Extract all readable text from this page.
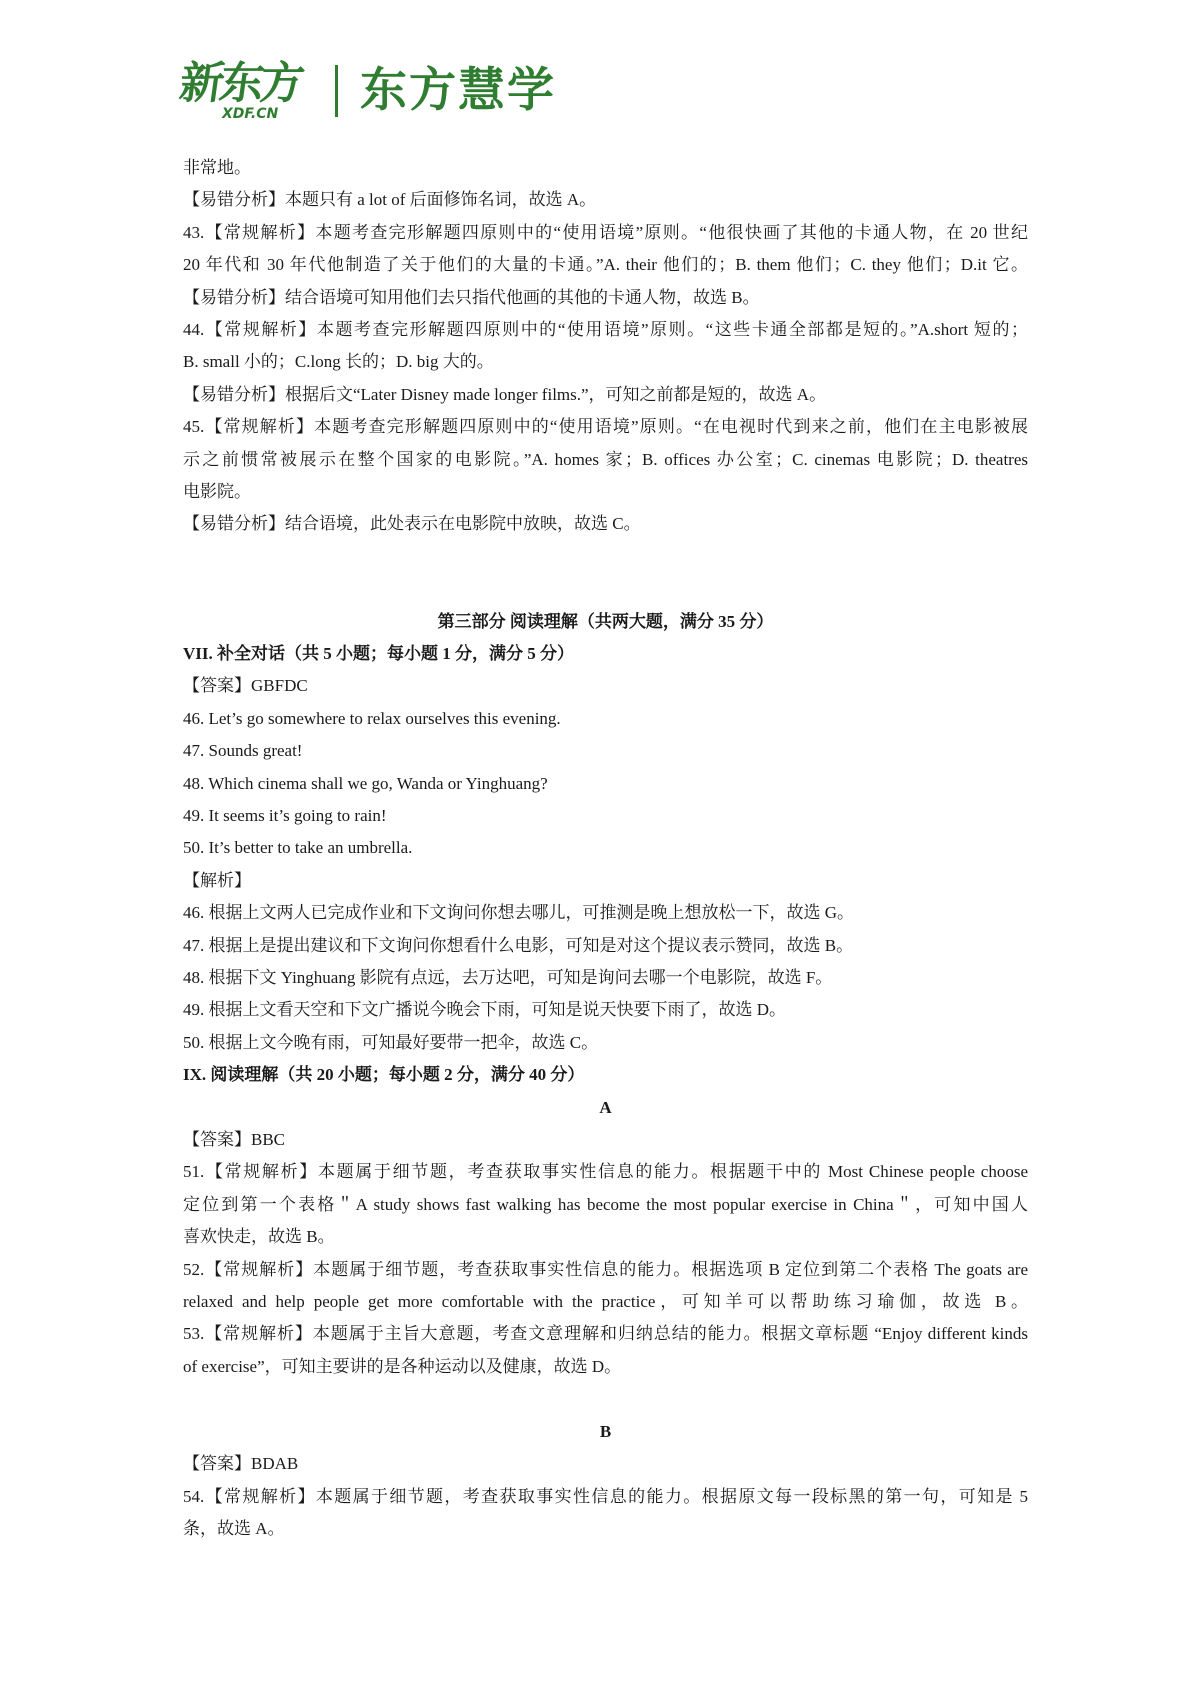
新东方
XDF.CN 东方慧学
非常地。
【易错分析】本题只有 a lot of 后面修饰名词，故选 A。
43.【常规解析】本题考查完形解题四原则中的“使用语境”原则。“他很快画了其他的卡通人物，在 20 世纪
20 年代和 30 年代他制造了关于他们的大量的卡通。”A. their 他们的；B. them 他们；C. they 他们；D.it 它。
【易错分析】结合语境可知用他们去只指代他画的其他的卡通人物，故选 B。
44.【常规解析】本题考查完形解题四原则中的“使用语境”原则。“这些卡通全部都是短的。”A.short 短的；
B. small 小的；C.long 长的；D. big 大的。
【易错分析】根据后文“Later Disney made longer films.”，可知之前都是短的，故选 A。
45.【常规解析】本题考查完形解题四原则中的“使用语境”原则。“在电视时代到来之前，他们在主电影被展
示之前惯常被展示在整个国家的电影院。”A. homes 家；B. offices 办公室；C. cinemas 电影院；D. theatres
电影院。
【易错分析】结合语境，此处表示在电影院中放映，故选 C。
第三部分 阅读理解（共两大题，满分 35 分）
VII. 补全对话（共 5 小题；每小题 1 分，满分 5 分）
【答案】GBFDC
46. Let’s go somewhere to relax ourselves this evening.
47. Sounds great!
48. Which cinema shall we go, Wanda or Yinghuang?
49. It seems it’s going to rain!
50. It’s better to take an umbrella.
【解析】
46. 根据上文两人已完成作业和下文询问你想去哪儿，可推测是晚上想放松一下，故选 G。
47. 根据上是提出建议和下文询问你想看什么电影，可知是对这个提议表示赞同，故选 B。
48. 根据下文 Yinghuang 影院有点远，去万达吧，可知是询问去哪一个电影院，故选 F。
49. 根据上文看天空和下文广播说今晚会下雨，可知是说天快要下雨了，故选 D。
50. 根据上文今晚有雨，可知最好要带一把伞，故选 C。
IX. 阅读理解（共 20 小题；每小题 2 分，满分 40 分）
A
【答案】BBC
51.【常规解析】本题属于细节题，考查获取事实性信息的能力。根据题干中的 Most Chinese people choose
定位到第一个表格＂A study shows fast walking has become the most popular exercise in China＂，可知中国人
喜欢快走，故选 B。
52.【常规解析】本题属于细节题，考查获取事实性信息的能力。根据选项 B 定位到第二个表格 The goats are
relaxed and help people get more comfortable with the practice，可知羊可以帮助练习瑜伽，故选 B。
53.【常规解析】本题属于主旨大意题，考查文意理解和归纳总结的能力。根据文章标题 “Enjoy different kinds
of exercise”，可知主要讲的是各种运动以及健康，故选 D。
B
【答案】BDAB
54.【常规解析】本题属于细节题，考查获取事实性信息的能力。根据原文每一段标黑的第一句，可知是 5
条，故选 A。
